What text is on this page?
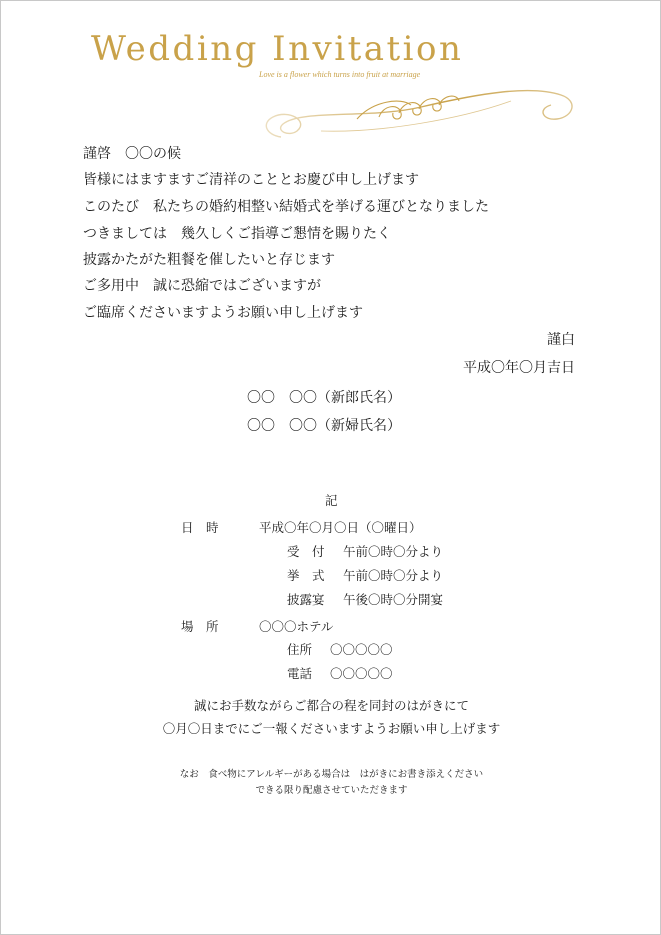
Wedding Invitation
Love is a flower which turns into fruit at marriage
謹啓　〇〇の候
皆様にはますますご清祥のこととお慶び申し上げます
このたび　私たちの婚約相整い結婚式を挙げる運びとなりました
つきましては　幾久しくご指導ご懇情を賜りたく
披露かたがた粗餐を催したいと存じます
ご多用中　誠に恐縮ではございますが
ご臨席くださいますようお願い申し上げます
謹白
平成〇年〇月吉日
〇〇　〇〇（新郎氏名）
〇〇　〇〇（新婦氏名）
記
日　時	平成〇年〇月〇日（〇曜日）
受　付 午前〇時〇分より
挙　式 午前〇時〇分より
披露宴 午後〇時〇分開宴
場　所	〇〇〇ホテル
住所 〇〇〇〇〇
電話 〇〇〇〇〇
誠にお手数ながらご都合の程を同封のはがきにて
〇月〇日までにご一報くださいますようお願い申し上げます
なお　食べ物にアレルギーがある場合は　はがきにお書き添えください
できる限り配慮させていただきます
